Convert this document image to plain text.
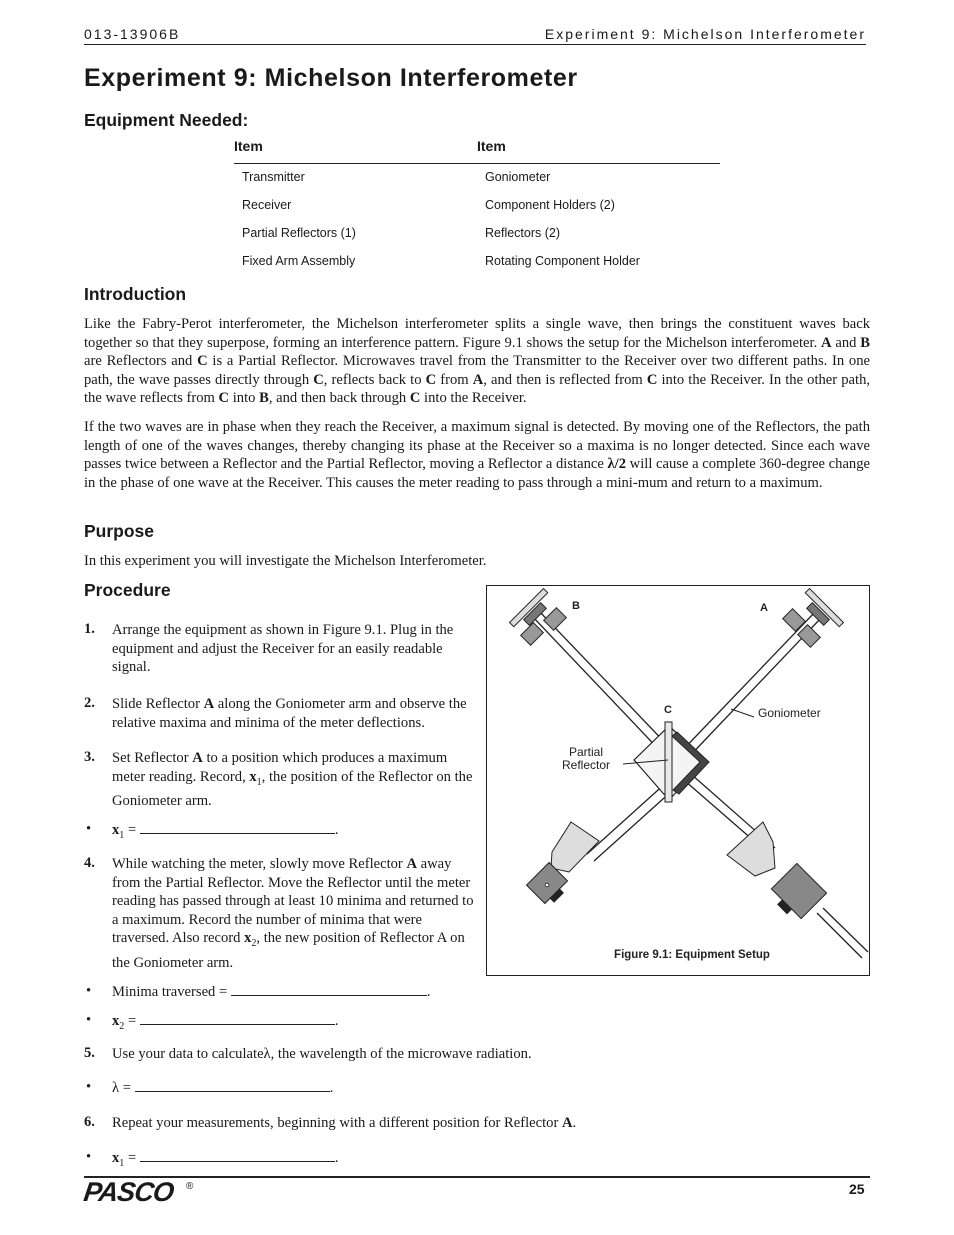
013-13906B	Experiment 9: Michelson Interferometer
Experiment 9: Michelson Interferometer
Equipment Needed:
Item	Item
Transmitter	Goniometer
Receiver	Component Holders (2)
Partial Reflectors (1)	Reflectors (2)
Fixed Arm Assembly	Rotating Component Holder
Introduction
Like the Fabry-Perot interferometer, the Michelson interferometer splits a single wave, then brings the constituent waves back together so that they superpose, forming an interference pattern. Figure 9.1 shows the setup for the Michelson interferometer. A and B are Reflectors and C is a Partial Reflector. Microwaves travel from the Transmitter to the Receiver over two different paths. In one path, the wave passes directly through C, reflects back to C from A, and then is reflected from C into the Receiver. In the other path, the wave reflects from C into B, and then back through C into the Receiver.
If the two waves are in phase when they reach the Receiver, a maximum signal is detected. By moving one of the Reflectors, the path length of one of the waves changes, thereby changing its phase at the Receiver so a maxima is no longer detected. Since each wave passes twice between a Reflector and the Partial Reflector, moving a Reflector a distance λ/2 will cause a complete 360-degree change in the phase of one wave at the Receiver. This causes the meter reading to pass through a mini-mum and return to a maximum.
Purpose
In this experiment you will investigate the Michelson Interferometer.
Procedure
1. Arrange the equipment as shown in Figure 9.1. Plug in the equipment and adjust the Receiver for an easily readable signal.
2. Slide Reflector A along the Goniometer arm and observe the relative maxima and minima of the meter deflections.
3. Set Reflector A to a position which produces a maximum meter reading. Record, $x_1$, the position of the Reflector on the Goniometer arm.
• $x_1$ =	.
4. While watching the meter, slowly move Reflector A away from the Partial Reflector. Move the Reflector until the meter reading has passed through at least 10 minima and returned to a maximum. Record the number of minima that were traversed. Also record $x_2$, the new position of Reflector A on the Goniometer arm.
• Minima traversed =	.
• $x_2$ =	.
5. Use your data to calculateλ, the wavelength of the microwave radiation.
• λ =	.
6. Repeat your measurements, beginning with a different position for Reflector A.
• $x_1$ =	.
B	A
C	Goniometer
Partial
Reflector
Figure 9.1: Equipment Setup
PASCO ®	25
